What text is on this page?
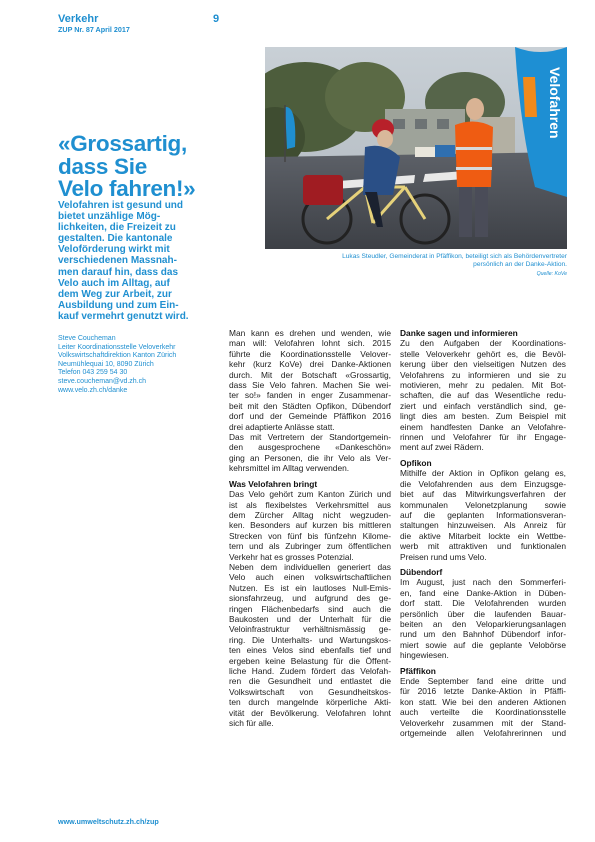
Verkehr
ZUP Nr. 87 April 2017
9
Velofahren
Lukas Steudler, Gemeinderat in Pfäffikon, beteiligt sich als Behördenvertreter
persönlich an der Danke-Aktion.
Quelle: KoVe
«Grossartig,
dass Sie
Velo fahren!»
Velofahren ist gesund und
bietet unzählige Mög-
lichkeiten, die Freizeit zu
gestalten. Die kantonale
Veloförderung wirkt mit
verschiedenen Massnah-
men darauf hin, dass das
Velo auch im Alltag, auf
dem Weg zur Arbeit, zur
Ausbildung und zum Ein-
kauf vermehrt genutzt wird.
Steve Coucheman
Leiter Koordinationsstelle Veloverkehr
Volkswirtschaftdirektion Kanton Zürich
Neumühlequai 10, 8090 Zürich
Telefon 043 259 54 30
steve.coucheman@vd.zh.ch
www.velo.zh.ch/danke
Man kann es drehen und wenden, wie
man will: Velofahren lohnt sich. 2015
führte die Koordinationsstelle Velover-
kehr (kurz KoVe) drei Danke-Aktionen
durch. Mit der Botschaft «Grossartig,
dass Sie Velo fahren. Machen Sie wei-
ter so!» fanden in enger Zusammenar-
beit mit den Städten Opfikon, Dübendorf
dorf und der Gemeinde Pfäffikon 2016
drei adaptierte Anlässe statt.
Das mit Vertretern der Standortgemein-
den ausgesprochene «Dankeschön»
ging an Personen, die ihr Velo als Ver-
kehrsmittel im Alltag verwenden.
Was Velofahren bringt
Das Velo gehört zum Kanton Zürich und
ist als flexibelstes Verkehrsmittel aus
dem Zürcher Alltag nicht wegzuden-
ken. Besonders auf kurzen bis mittleren
Strecken von fünf bis fünfzehn Kilome-
tern und als Zubringer zum öffentlichen
Verkehr hat es grosses Potenzial.
Neben dem individuellen generiert das
Velo auch einen volkswirtschaftlichen
Nutzen. Es ist ein lautloses Null-Emis-
sionsfahrzeug, und aufgrund des ge-
ringen Flächenbedarfs sind auch die
Baukosten und der Unterhalt für die
Veloinfrastruktur verhältnismässig ge-
ring. Die Unterhalts- und Wartungskos-
ten eines Velos sind ebenfalls tief und
ergeben keine Belastung für die Öffent-
liche Hand. Zudem fördert das Velofah-
ren die Gesundheit und entlastet die
Volkswirtschaft von Gesundheitskos-
ten durch mangelnde körperliche Akti-
vität der Bevölkerung. Velofahren lohnt
sich für alle.
Danke sagen und informieren
Zu den Aufgaben der Koordinations-
stelle Veloverkehr gehört es, die Bevöl-
kerung über den vielseitigen Nutzen des
Velofahrens zu informieren und sie zu
motivieren, mehr zu pedalen. Mit Bot-
schaften, die auf das Wesentliche redu-
ziert und einfach verständlich sind, ge-
lingt dies am besten. Zum Beispiel mit
einem handfesten Danke an Velofahre-
rinnen und Velofahrer für ihr Engage-
ment auf zwei Rädern.
Opfikon
Mithilfe der Aktion in Opfikon gelang es,
die Velofahrenden aus dem Einzugsge-
biet auf das Mitwirkungsverfahren der
kommunalen Velonetzplanung sowie
auf die geplanten Informationsveran-
staltungen hinzuweisen. Als Anreiz für
die aktive Mitarbeit lockte ein Wettbe-
werb mit attraktiven und funktionalen
Preisen rund ums Velo.
Dübendorf
Im August, just nach den Sommerferi-
en, fand eine Danke-Aktion in Düben-
dorf statt. Die Velofahrenden wurden
persönlich über die laufenden Bauar-
beiten an den Veloparkierungsanlagen
rund um den Bahnhof Dübendorf infor-
miert sowie auf die geplante Velobörse
hingewiesen.
Pfäffikon
Ende September fand eine dritte und
für 2016 letzte Danke-Aktion in Pfäffi-
kon statt. Wie bei den anderen Aktionen
auch verteilte die Koordinationsstelle
Veloverkehr zusammen mit der Stand-
ortgemeinde allen Velofahrerinnen und
www.umweltschutz.zh.ch/zup
